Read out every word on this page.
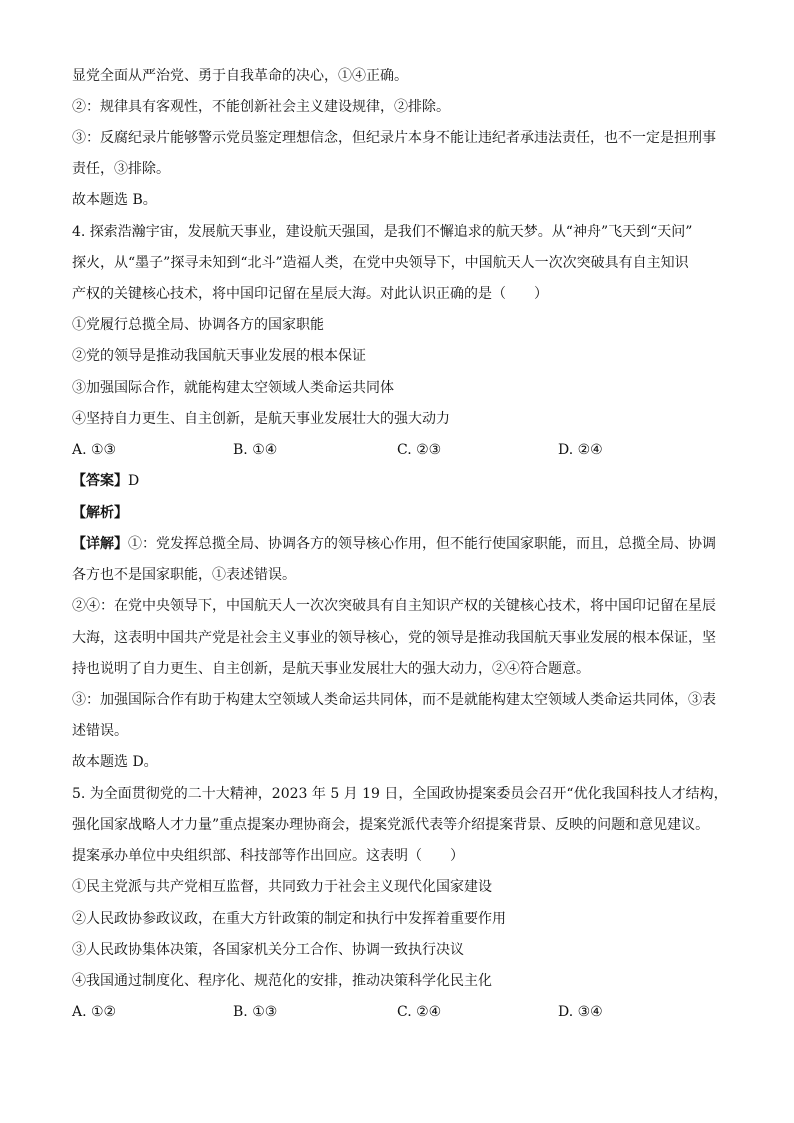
显党全面从严治党、勇于自我革命的决心，①④正确。
②：规律具有客观性，不能创新社会主义建设规律，②排除。
③：反腐纪录片能够警示党员鉴定理想信念，但纪录片本身不能让违纪者承违法责任，也不一定是担刑事
责任，③排除。
故本题选 B。
4. 探索浩瀚宇宙，发展航天事业，建设航天强国，是我们不懈追求的航天梦。从“神舟”飞天到“天问”
探火，从“墨子”探寻未知到“北斗”造福人类，在党中央领导下，中国航天人一次次突破具有自主知识
产权的关键核心技术，将中国印记留在星辰大海。对此认识正确的是（　　）
①党履行总揽全局、协调各方的国家职能
②党的领导是推动我国航天事业发展的根本保证
③加强国际合作，就能构建太空领域人类命运共同体
④坚持自力更生、自主创新，是航天事业发展壮大的强大动力
A. ①③	B. ①④	C. ②③	D. ②④
【答案】D
【解析】
【详解】①：党发挥总揽全局、协调各方的领导核心作用，但不能行使国家职能，而且，总揽全局、协调
各方也不是国家职能，①表述错误。
②④：在党中央领导下，中国航天人一次次突破具有自主知识产权的关键核心技术，将中国印记留在星辰
大海，这表明中国共产党是社会主义事业的领导核心，党的领导是推动我国航天事业发展的根本保证，坚
持也说明了自力更生、自主创新，是航天事业发展壮大的强大动力，②④符合题意。
③：加强国际合作有助于构建太空领域人类命运共同体，而不是就能构建太空领域人类命运共同体，③表
述错误。
故本题选 D。
5. 为全面贯彻党的二十大精神，2023 年 5 月 19 日，全国政协提案委员会召开“优化我国科技人才结构，
强化国家战略人才力量”重点提案办理协商会，提案党派代表等介绍提案背景、反映的问题和意见建议。
提案承办单位中央组织部、科技部等作出回应。这表明（　　）
①民主党派与共产党相互监督，共同致力于社会主义现代化国家建设
②人民政协参政议政，在重大方针政策的制定和执行中发挥着重要作用
③人民政协集体决策，各国家机关分工合作、协调一致执行决议
④我国通过制度化、程序化、规范化的安排，推动决策科学化民主化
A. ①②	B. ①③	C. ②④	D. ③④
